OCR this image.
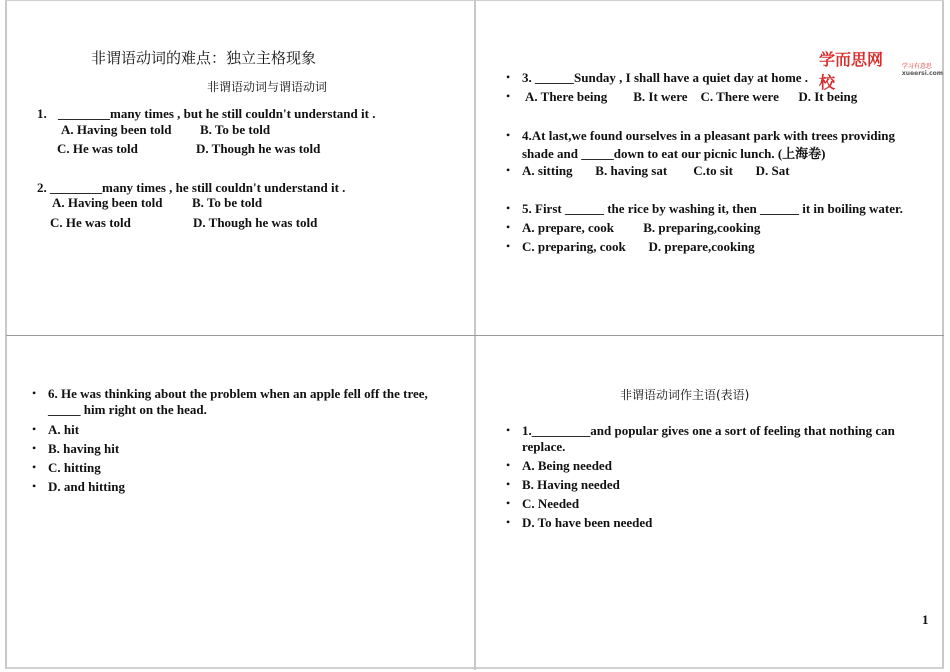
非谓语动词的难点：独立主格现象
非谓语动词与谓语动词
1. ________many times , but he still couldn't understand it .
A. Having been told B. To be told
C. He was told	D. Though he was told
2. ________many times , he still couldn't understand it .
A. Having been told B. To be told
C. He was told	D. Though he was told
学而思网校
学习有意思
xueersi.com
• 3. ______Sunday , I shall have a quiet day at home .
• A. There being        B. It were    C. There were      D. It being
• 4.At last,we found ourselves in a pleasant park with trees providing
shade and _____down to eat our picnic lunch. (上海卷)
• A. sitting       B. having sat        C.to sit       D. Sat
• 5. First ______ the rice by washing it, then ______ it in boiling water.
• A. prepare, cook         B. preparing,cooking
• C. preparing, cook       D. prepare,cooking
• 6. He was thinking about the problem when an apple fell off the tree,
_____ him right on the head.
• A. hit
• B. having hit
• C. hitting
• D. and hitting
非谓语动词作主语(表语)
• 1._________and popular gives one a sort of feeling that nothing can
replace.
• A. Being needed
• B. Having needed
• C. Needed
• D. To have been needed
1
